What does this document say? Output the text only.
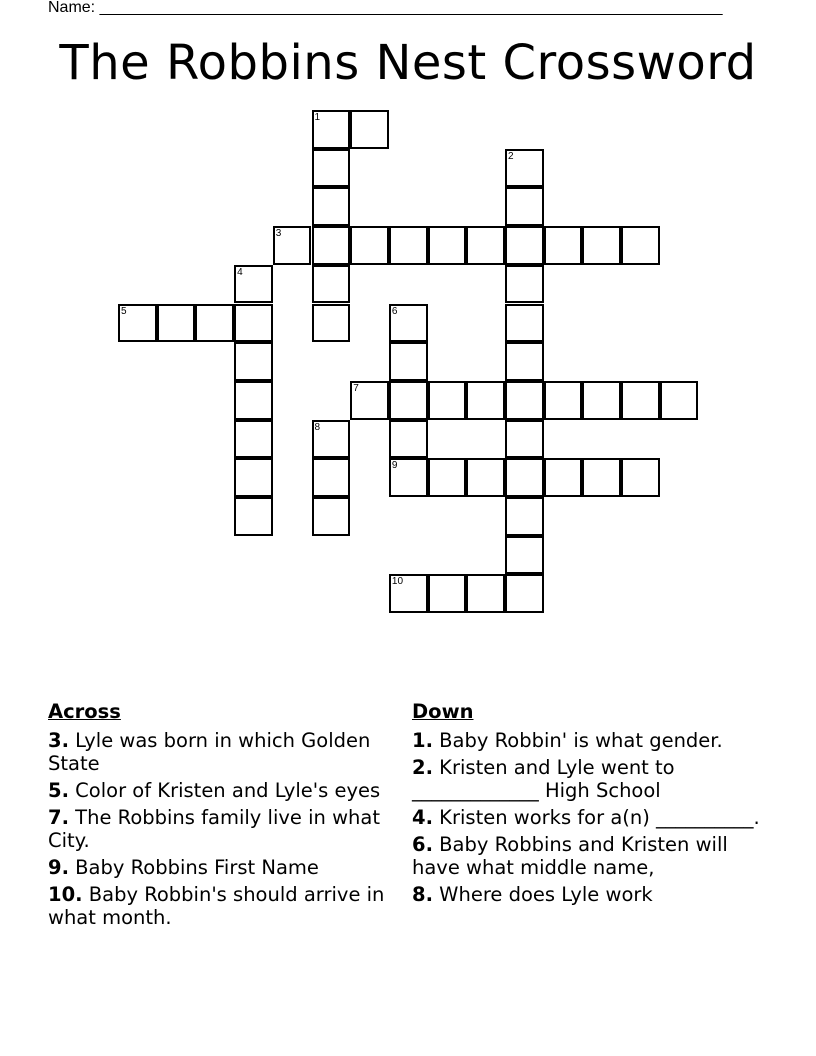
Name: ______________________________________________________________________
The Robbins Nest Crossword
1
2
3
4
5	6
7
8
9
10
Across
3. Lyle was born in which Golden State
5. Color of Kristen and Lyle's eyes
7. The Robbins family live in what City.
9. Baby Robbins First Name
10. Baby Robbin's should arrive in what month.
Down
1. Baby Robbin' is what gender.
2. Kristen and Lyle went to _____________ High School
4. Kristen works for a(n) __________.
6. Baby Robbins and Kristen will have what middle name,
8. Where does Lyle work
